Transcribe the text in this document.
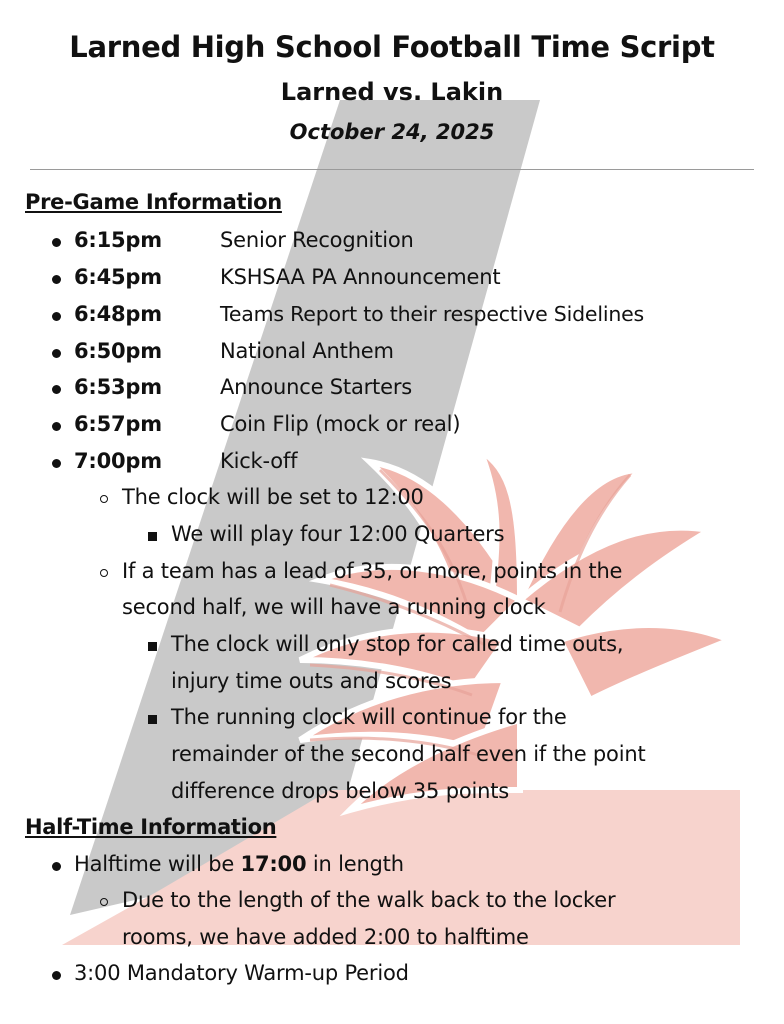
Larned High School Football Time Script
Larned vs. Lakin
October 24, 2025
Pre-Game Information
6:15pm	Senior Recognition
6:45pm	KSHSAA PA Announcement
6:48pm	Teams Report to their respective Sidelines
6:50pm	National Anthem
6:53pm	Announce Starters
6:57pm	Coin Flip (mock or real)
7:00pm	Kick-off
The clock will be set to 12:00
We will play four 12:00 Quarters
If a team has a lead of 35, or more, points in the
second half, we will have a running clock
The clock will only stop for called time outs,
injury time outs and scores
The running clock will continue for the
remainder of the second half even if the point
difference drops below 35 points
Half-Time Information
Halftime will be 17:00 in length
Due to the length of the walk back to the locker
rooms, we have added 2:00 to halftime
3:00 Mandatory Warm-up Period
